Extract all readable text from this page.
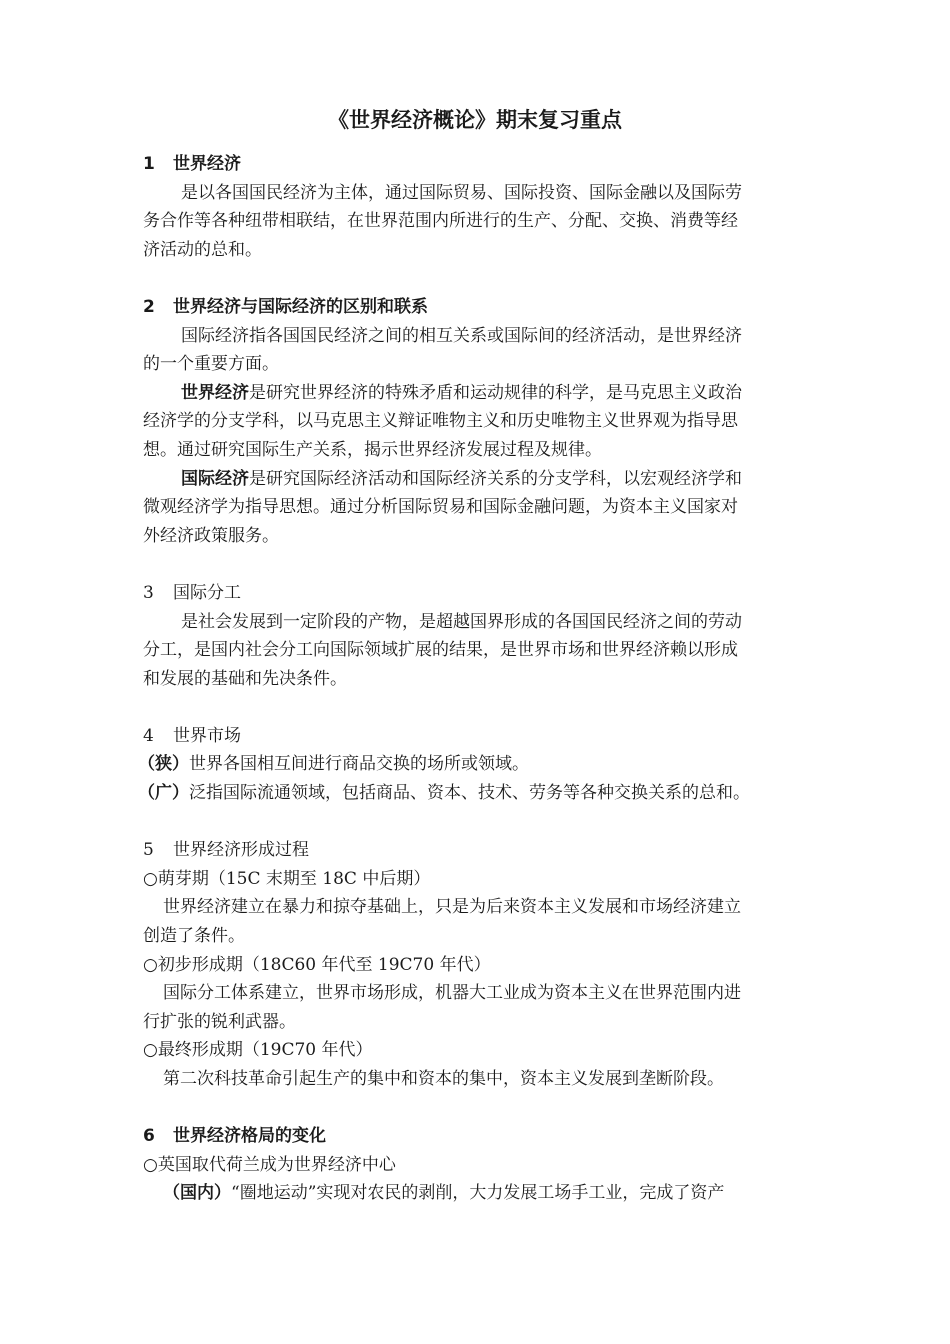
《世界经济概论》期末复习重点
1 世界经济
是以各国国民经济为主体，通过国际贸易、国际投资、国际金融以及国际劳
务合作等各种纽带相联结，在世界范围内所进行的生产、分配、交换、消费等经
济活动的总和。
2 世界经济与国际经济的区别和联系
国际经济指各国国民经济之间的相互关系或国际间的经济活动，是世界经济
的一个重要方面。
世界经济是研究世界经济的特殊矛盾和运动规律的科学，是马克思主义政治
经济学的分支学科，以马克思主义辩证唯物主义和历史唯物主义世界观为指导思
想。通过研究国际生产关系，揭示世界经济发展过程及规律。
国际经济是研究国际经济活动和国际经济关系的分支学科，以宏观经济学和
微观经济学为指导思想。通过分析国际贸易和国际金融问题，为资本主义国家对
外经济政策服务。
3 国际分工
是社会发展到一定阶段的产物，是超越国界形成的各国国民经济之间的劳动
分工，是国内社会分工向国际领域扩展的结果，是世界市场和世界经济赖以形成
和发展的基础和先决条件。
4 世界市场
（狭）世界各国相互间进行商品交换的场所或领域。
（广）泛指国际流通领域，包括商品、资本、技术、劳务等各种交换关系的总和。
5 世界经济形成过程
○萌芽期（15C 末期至 18C 中后期）
世界经济建立在暴力和掠夺基础上，只是为后来资本主义发展和市场经济建立
创造了条件。
○初步形成期（18C60 年代至 19C70 年代）
国际分工体系建立，世界市场形成，机器大工业成为资本主义在世界范围内进
行扩张的锐利武器。
○最终形成期（19C70 年代）
第二次科技革命引起生产的集中和资本的集中，资本主义发展到垄断阶段。
6 世界经济格局的变化
○英国取代荷兰成为世界经济中心
（国内）“圈地运动”实现对农民的剥削，大力发展工场手工业，完成了资产
